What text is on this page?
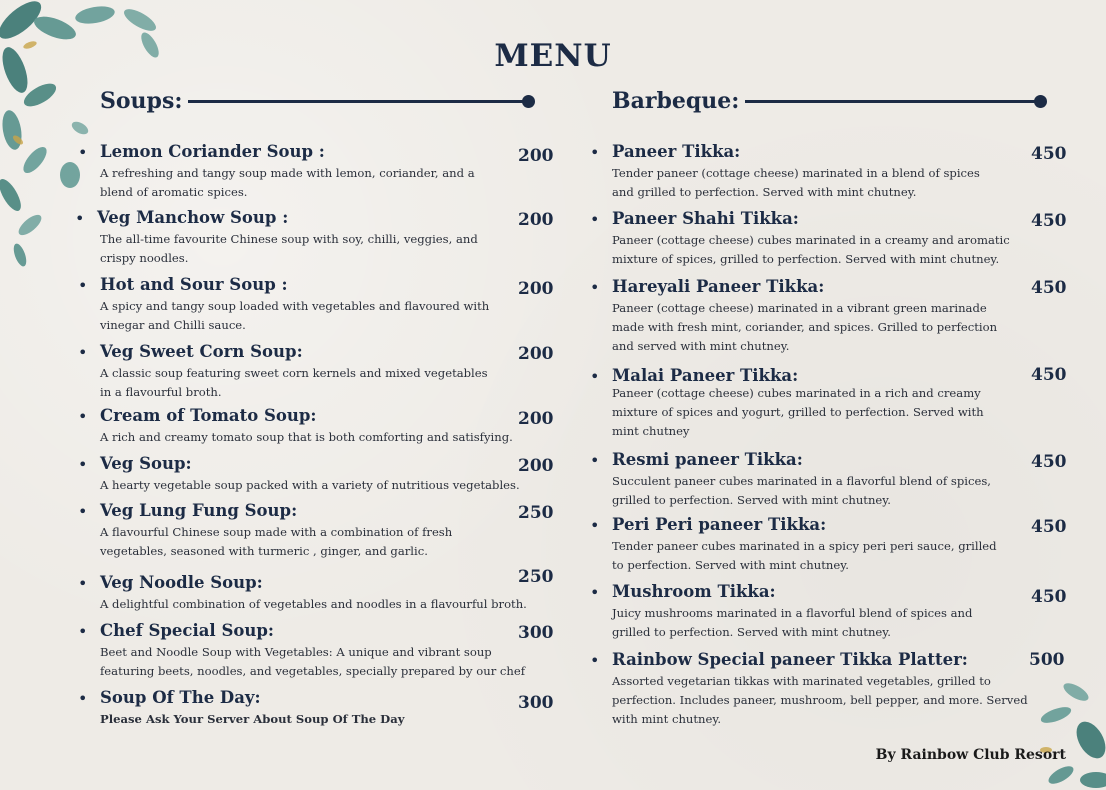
MENU
Soups:	Barbeque:
• Lemon Coriander Soup :
A refreshing and tangy soup made with lemon, coriander, and a
blend of aromatic spices.
200
• Veg Manchow Soup :
The all-time favourite Chinese soup with soy, chilli, veggies, and
crispy noodles.
200
• Hot and Sour Soup :
A spicy and tangy soup loaded with vegetables and flavoured with
vinegar and Chilli sauce.
200
• Veg Sweet Corn Soup:
A classic soup featuring sweet corn kernels and mixed vegetables
in a flavourful broth.
200
• Cream of Tomato Soup:
A rich and creamy tomato soup that is both comforting and satisfying.
200
• Veg Soup:
A hearty vegetable soup packed with a variety of nutritious vegetables.
200
• Veg Lung Fung Soup:
A flavourful Chinese soup made with a combination of fresh
vegetables, seasoned with turmeric , ginger, and garlic.
250
• Veg Noodle Soup:
A delightful combination of vegetables and noodles in a flavourful broth.
250
• Chef Special Soup:
Beet and Noodle Soup with Vegetables: A unique and vibrant soup
featuring beets, noodles, and vegetables, specially prepared by our chef
300
• Soup Of The Day:
Please Ask Your Server About Soup Of The Day
300
• Paneer Tikka:
Tender paneer (cottage cheese) marinated in a blend of spices
and grilled to perfection. Served with mint chutney.
450
• Paneer Shahi Tikka:
Paneer (cottage cheese) cubes marinated in a creamy and aromatic
mixture of spices, grilled to perfection. Served with mint chutney.
450
• Hareyali Paneer Tikka:
Paneer (cottage cheese) marinated in a vibrant green marinade
made with fresh mint, coriander, and spices. Grilled to perfection
and served with mint chutney.
450
• Malai Paneer Tikka:
Paneer (cottage cheese) cubes marinated in a rich and creamy
mixture of spices and yogurt, grilled to perfection. Served with
mint chutney
450
• Resmi paneer Tikka:
Succulent paneer cubes marinated in a flavorful blend of spices,
grilled to perfection. Served with mint chutney.
450
• Peri Peri paneer Tikka:
Tender paneer cubes marinated in a spicy peri peri sauce, grilled
to perfection. Served with mint chutney.
450
• Mushroom Tikka:
Juicy mushrooms marinated in a flavorful blend of spices and
grilled to perfection. Served with mint chutney.
450
• Rainbow Special paneer Tikka Platter:
Assorted vegetarian tikkas with marinated vegetables, grilled to
perfection. Includes paneer, mushroom, bell pepper, and more. Served
with mint chutney.
500
By Rainbow Club Resort
